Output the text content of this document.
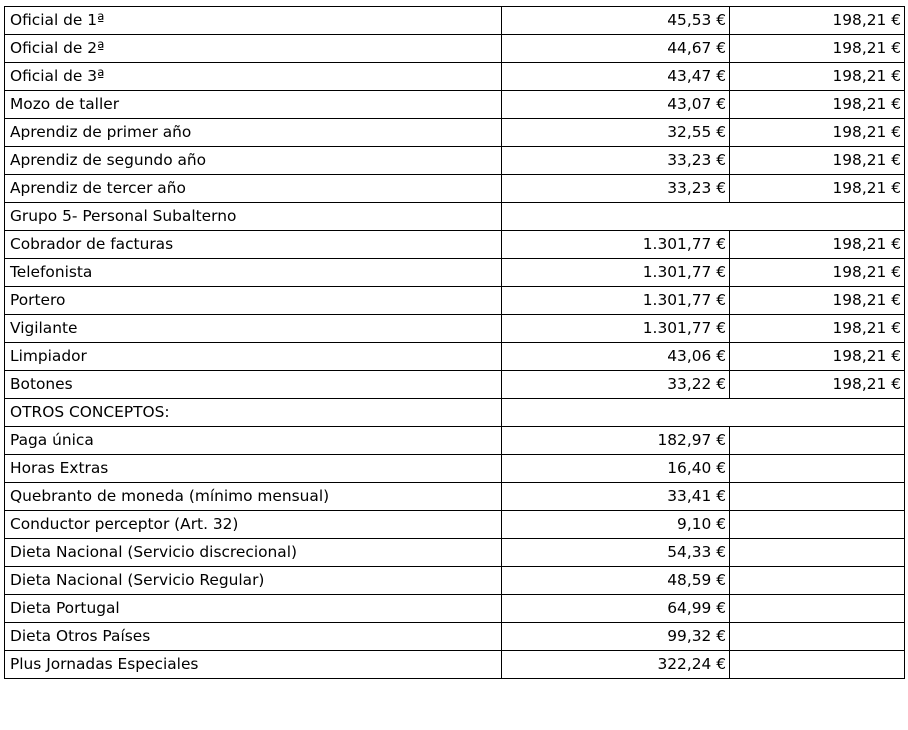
Oficial de 1ª	45,53 €	198,21 €
Oficial de 2ª	44,67 €	198,21 €
Oficial de 3ª	43,47 €	198,21 €
Mozo de taller	43,07 €	198,21 €
Aprendiz de primer año	32,55 €	198,21 €
Aprendiz de segundo año	33,23 €	198,21 €
Aprendiz de tercer año	33,23 €	198,21 €
Grupo 5- Personal Subalterno		
Cobrador de facturas	1.301,77 €	198,21 €
Telefonista	1.301,77 €	198,21 €
Portero	1.301,77 €	198,21 €
Vigilante	1.301,77 €	198,21 €
Limpiador	43,06 €	198,21 €
Botones	33,22 €	198,21 €
OTROS CONCEPTOS:		
Paga única	182,97 €	
Horas Extras	16,40 €	
Quebranto de moneda (mínimo mensual)	33,41 €	
Conductor perceptor (Art. 32)	9,10 €	
Dieta Nacional (Servicio discrecional)	54,33 €	
Dieta Nacional (Servicio Regular)	48,59 €	
Dieta Portugal	64,99 €	
Dieta Otros Países	99,32 €	
Plus Jornadas Especiales	322,24 €	
